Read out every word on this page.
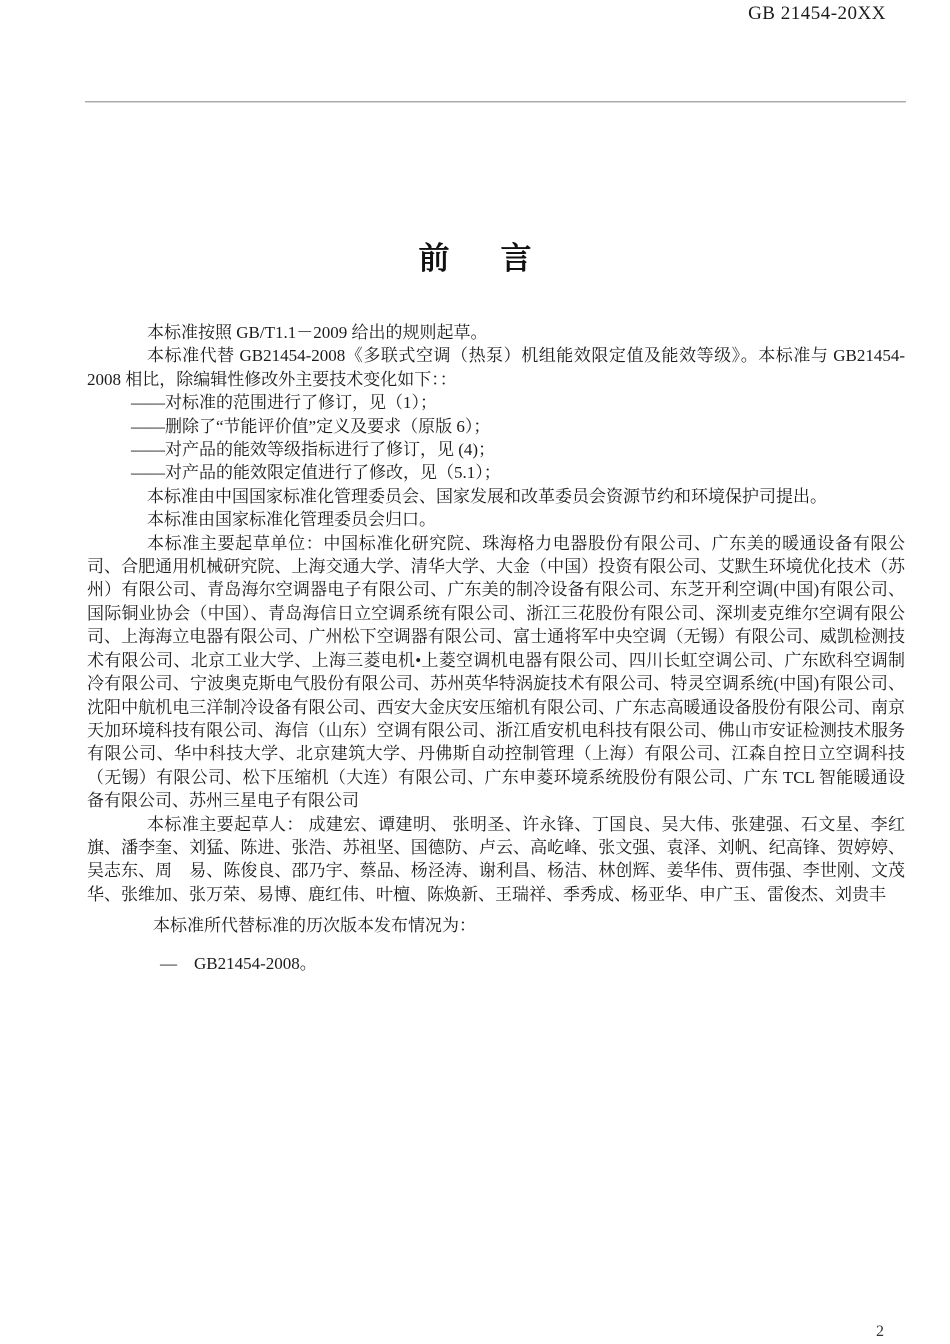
GB 21454-20XX
前　言

本标准按照 GB/T1.1－2009 给出的规则起草。

本标准代替 GB21454-2008《多联式空调（热泵）机组能效限定值及能效等级》。本标准与 GB21454-2008 相比，除编辑性修改外主要技术变化如下：：

——对标准的范围进行了修订，见（1）；

——删除了“节能评价值”定义及要求（原版 6）；

——对产品的能效等级指标进行了修订，见 (4)；

——对产品的能效限定值进行了修改，见（5.1）；

本标准由中国国家标准化管理委员会、国家发展和改革委员会资源节约和环境保护司提出。

本标准由国家标准化管理委员会归口。

本标准主要起草单位：中国标准化研究院、珠海格力电器股份有限公司、广东美的暖通设备有限公司、合肥通用机械研究院、上海交通大学、清华大学、大金（中国）投资有限公司、艾默生环境优化技术（苏州）有限公司、青岛海尔空调器电子有限公司、广东美的制冷设备有限公司、东芝开利空调(中国)有限公司、国际铜业协会（中国）、青岛海信日立空调系统有限公司、浙江三花股份有限公司、深圳麦克维尔空调有限公司、上海海立电器有限公司、广州松下空调器有限公司、富士通将军中央空调（无锡）有限公司、威凯检测技术有限公司、北京工业大学、上海三菱电机•上菱空调机电器有限公司、四川长虹空调公司、广东欧科空调制冷有限公司、宁波奥克斯电气股份有限公司、苏州英华特涡旋技术有限公司、特灵空调系统(中国)有限公司、沈阳中航机电三洋制冷设备有限公司、西安大金庆安压缩机有限公司、广东志高暖通设备股份有限公司、南京天加环境科技有限公司、海信（山东）空调有限公司、浙江盾安机电科技有限公司、佛山市安证检测技术服务有限公司、华中科技大学、北京建筑大学、丹佛斯自动控制管理（上海）有限公司、江森自控日立空调科技（无锡）有限公司、松下压缩机（大连）有限公司、广东申菱环境系统股份有限公司、广东 TCL 智能暖通设备有限公司、苏州三星电子有限公司

本标准主要起草人： 成建宏、谭建明、 张明圣、许永锋、丁国良、吴大伟、张建强、石文星、李红旗、潘李奎、刘猛、陈进、张浩、苏祖坚、国德防、卢云、高屹峰、张文强、袁泽、刘帆、纪高锋、贺婷婷、吴志东、周　易、陈俊良、邵乃宇、蔡品、杨泾涛、谢利昌、杨洁、林创辉、姜华伟、贾伟强、李世刚、文茂华、张维加、张万荣、易博、鹿红伟、叶檀、陈焕新、王瑞祥、季秀成、杨亚华、申广玉、雷俊杰、刘贵丰

本标准所代替标准的历次版本发布情况为：

—　GB21454-2008。

2
